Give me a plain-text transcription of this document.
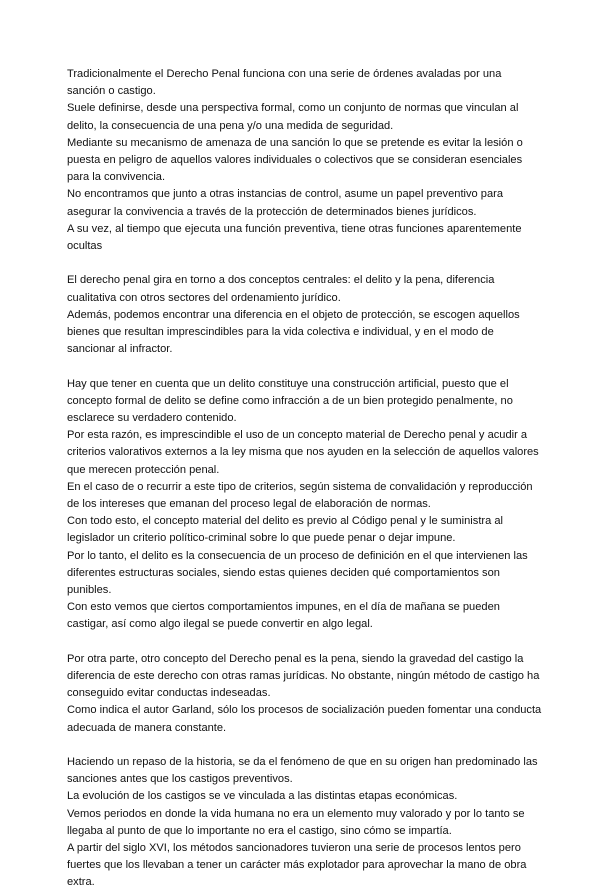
Tradicionalmente el Derecho Penal funciona con una serie de órdenes avaladas por una sanción o castigo.

Suele definirse, desde una perspectiva formal, como un conjunto de normas que vinculan al delito, la consecuencia de una pena y/o una medida de seguridad.

Mediante su mecanismo de amenaza de una sanción lo que se pretende es evitar la lesión o puesta en peligro de aquellos valores individuales o colectivos que se consideran esenciales para la convivencia.

No encontramos que junto a otras instancias de control, asume un papel preventivo para asegurar la convivencia a través de la protección de determinados bienes jurídicos.

A su vez, al tiempo que ejecuta una función preventiva, tiene otras funciones aparentemente ocultas

El derecho penal gira en torno a dos conceptos centrales: el delito y la pena, diferencia cualitativa con otros sectores del ordenamiento jurídico.

Además, podemos encontrar una diferencia en el objeto de protección, se escogen aquellos bienes que resultan imprescindibles para la vida colectiva e individual, y en el modo de sancionar al infractor.

Hay que tener en cuenta que un delito constituye una construcción artificial, puesto que el concepto formal de delito se define como infracción a de un bien protegido penalmente, no esclarece su verdadero contenido.

Por esta razón, es imprescindible el uso de un concepto material de Derecho penal y acudir a criterios valorativos externos a la ley misma que nos ayuden en la selección de aquellos valores que merecen protección penal.

En el caso de o recurrir a este tipo de criterios, según sistema de convalidación y reproducción de los intereses que emanan del proceso legal de elaboración de normas.

Con todo esto, el concepto material del delito es previo al Código penal y le suministra al legislador un criterio político-criminal sobre lo que puede penar o dejar impune.

Por lo tanto, el delito es la consecuencia de un proceso de definición en el que intervienen las diferentes estructuras sociales, siendo estas quienes deciden qué comportamientos son punibles.

Con esto vemos que ciertos comportamientos impunes, en el día de mañana se pueden castigar, así como algo ilegal se puede convertir en algo legal.

Por otra parte, otro concepto del Derecho penal es la pena, siendo la gravedad del castigo la diferencia de este derecho con otras ramas jurídicas. No obstante, ningún método de castigo ha conseguido evitar conductas indeseadas.

Como indica el autor Garland, sólo los procesos de socialización pueden fomentar una conducta adecuada de manera constante.

Haciendo un repaso de la historia, se da el fenómeno de que en su origen han predominado las sanciones antes que los castigos preventivos.

La evolución de los castigos se ve vinculada a las distintas etapas económicas.

Vemos periodos en donde la vida humana no era un elemento muy valorado y por lo tanto se llegaba al punto de que lo importante no era el castigo, sino cómo se impartía.

A partir del siglo XVI, los métodos sancionadores tuvieron una serie de procesos lentos pero fuertes que los llevaban a tener un carácter más explotador para aprovechar la mano de obra extra.
